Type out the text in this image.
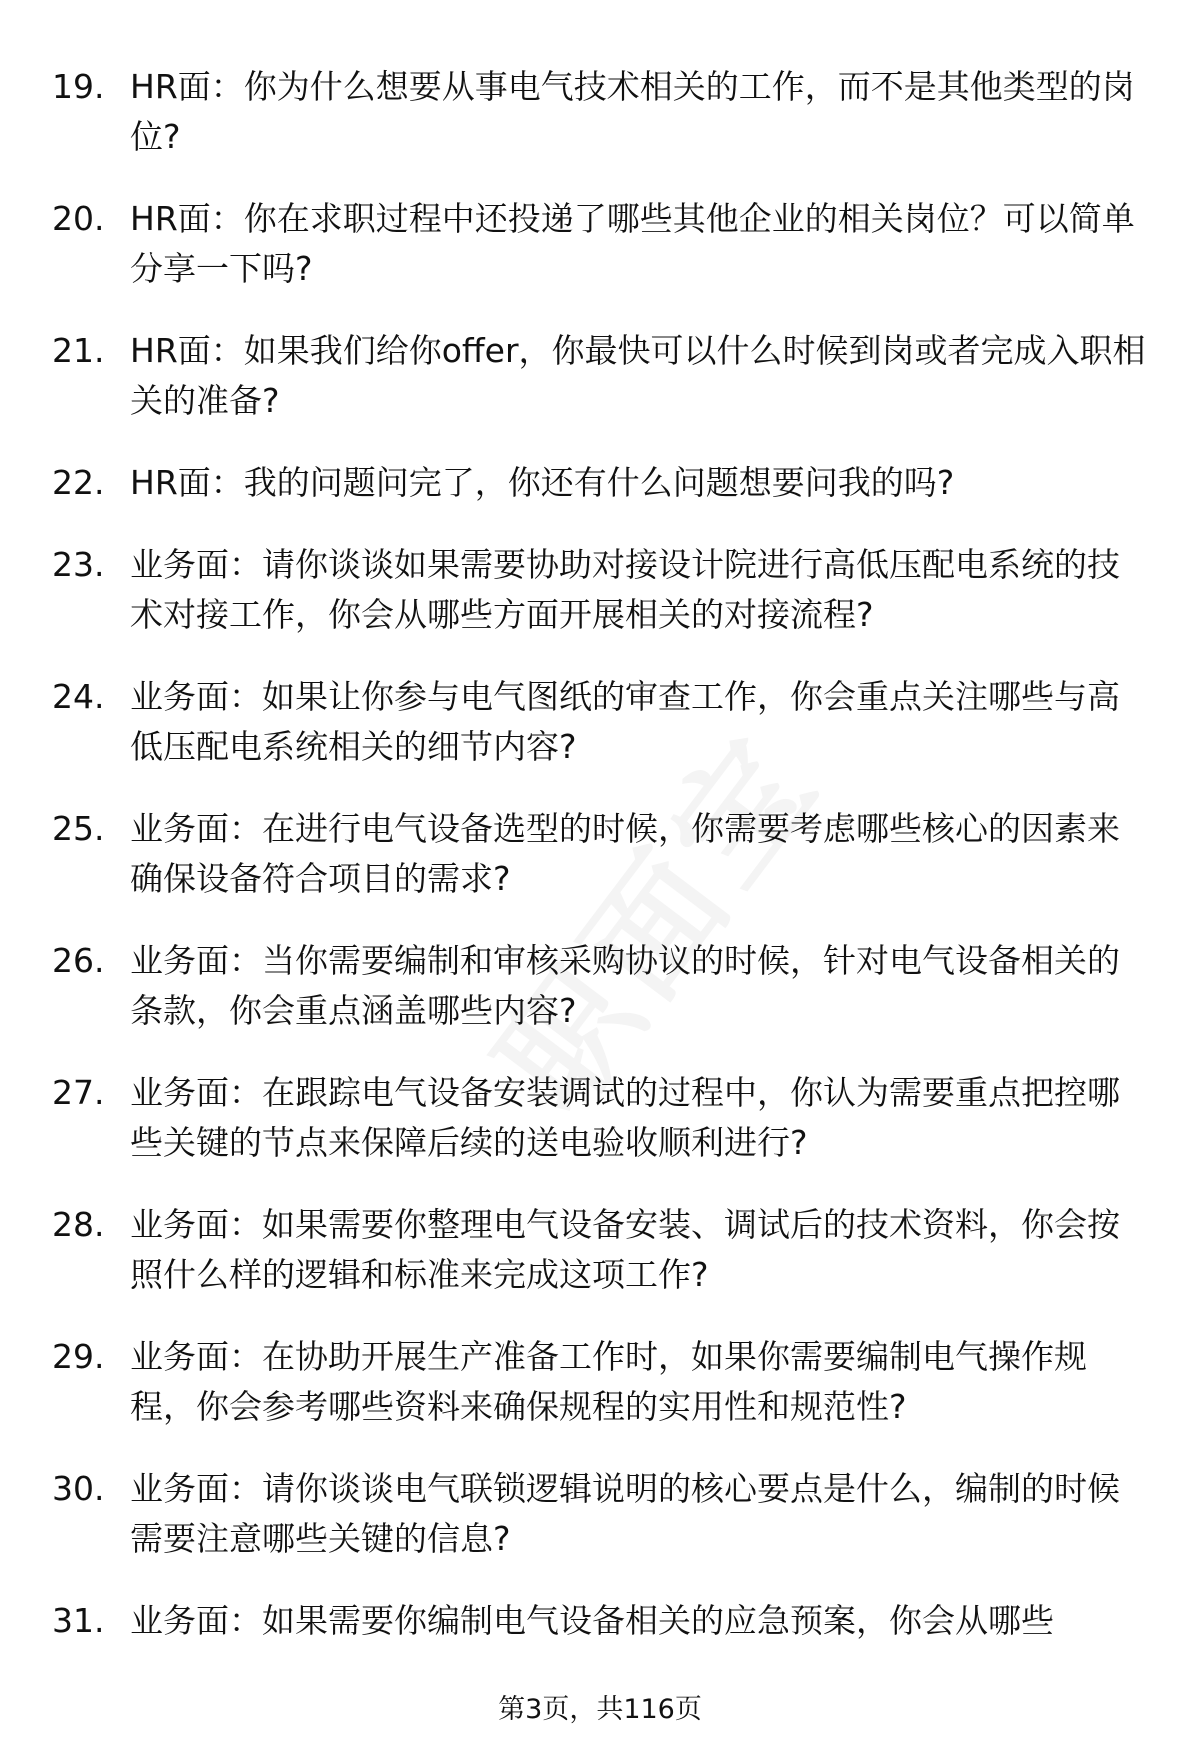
19. HR面：你为什么想要从事电气技术相关的工作，而不是其他类型的岗位?
20. HR面：你在求职过程中还投递了哪些其他企业的相关岗位？可以简单分享一下吗?
21. HR面：如果我们给你offer，你最快可以什么时候到岗或者完成入职相关的准备?
22. HR面：我的问题问完了，你还有什么问题想要问我的吗?
23. 业务面：请你谈谈如果需要协助对接设计院进行高低压配电系统的技术对接工作，你会从哪些方面开展相关的对接流程?
24. 业务面：如果让你参与电气图纸的审查工作，你会重点关注哪些与高低压配电系统相关的细节内容?
25. 业务面：在进行电气设备选型的时候，你需要考虑哪些核心的因素来确保设备符合项目的需求?
26. 业务面：当你需要编制和审核采购协议的时候，针对电气设备相关的条款，你会重点涵盖哪些内容?
27. 业务面：在跟踪电气设备安装调试的过程中，你认为需要重点把控哪些关键的节点来保障后续的送电验收顺利进行?
28. 业务面：如果需要你整理电气设备安装、调试后的技术资料，你会按照什么样的逻辑和标准来完成这项工作?
29. 业务面：在协助开展生产准备工作时，如果你需要编制电气操作规程，你会参考哪些资料来确保规程的实用性和规范性?
30. 业务面：请你谈谈电气联锁逻辑说明的核心要点是什么，编制的时候需要注意哪些关键的信息?
31. 业务面：如果需要你编制电气设备相关的应急预案，你会从哪些
第3页，共116页
